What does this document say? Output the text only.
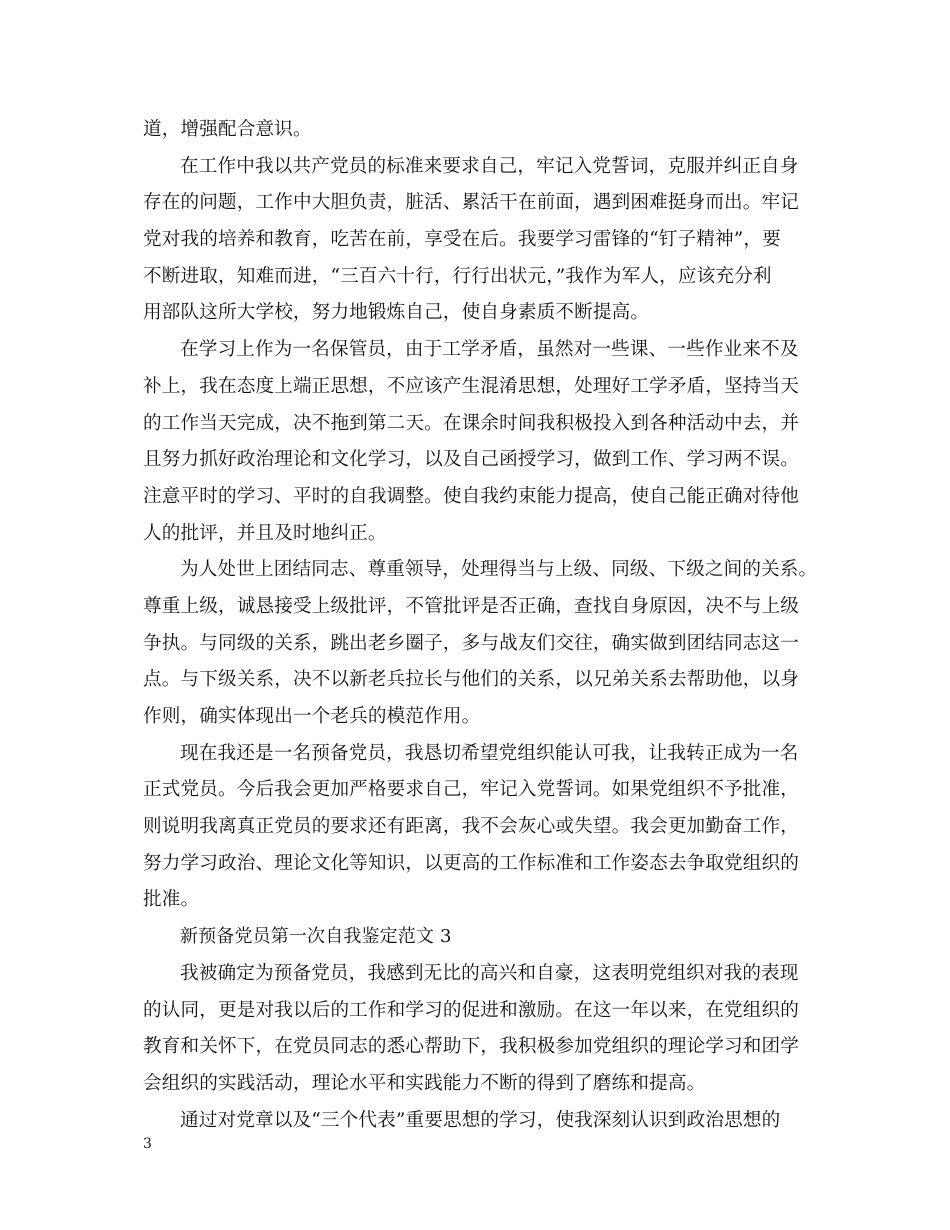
道，增强配合意识。
在工作中我以共产党员的标准来要求自己，牢记入党誓词，克服并纠正自身
存在的问题，工作中大胆负责，脏活、累活干在前面，遇到困难挺身而出。牢记
党对我的培养和教育，吃苦在前，享受在后。我要学习雷锋的“钉子精神”，要
不断进取，知难而进，“三百六十行，行行出状元，”我作为军人，应该充分利
用部队这所大学校，努力地锻炼自己，使自身素质不断提高。
在学习上作为一名保管员，由于工学矛盾，虽然对一些课、一些作业来不及
补上，我在态度上端正思想，不应该产生混淆思想，处理好工学矛盾，坚持当天
的工作当天完成，决不拖到第二天。在课余时间我积极投入到各种活动中去，并
且努力抓好政治理论和文化学习，以及自己函授学习，做到工作、学习两不误。
注意平时的学习、平时的自我调整。使自我约束能力提高，使自己能正确对待他
人的批评，并且及时地纠正。
为人处世上团结同志、尊重领导，处理得当与上级、同级、下级之间的关系。
尊重上级，诚恳接受上级批评，不管批评是否正确，查找自身原因，决不与上级
争执。与同级的关系，跳出老乡圈子，多与战友们交往，确实做到团结同志这一
点。与下级关系，决不以新老兵拉长与他们的关系，以兄弟关系去帮助他，以身
作则，确实体现出一个老兵的模范作用。
现在我还是一名预备党员，我恳切希望党组织能认可我，让我转正成为一名
正式党员。今后我会更加严格要求自己，牢记入党誓词。如果党组织不予批准，
则说明我离真正党员的要求还有距离，我不会灰心或失望。我会更加勤奋工作，
努力学习政治、理论文化等知识，以更高的工作标准和工作姿态去争取党组织的
批准。
新预备党员第一次自我鉴定范文 3
我被确定为预备党员，我感到无比的高兴和自豪，这表明党组织对我的表现
的认同，更是对我以后的工作和学习的促进和激励。在这一年以来，在党组织的
教育和关怀下，在党员同志的悉心帮助下，我积极参加党组织的理论学习和团学
会组织的实践活动，理论水平和实践能力不断的得到了磨练和提高。
通过对党章以及“三个代表”重要思想的学习，使我深刻认识到政治思想的
3
